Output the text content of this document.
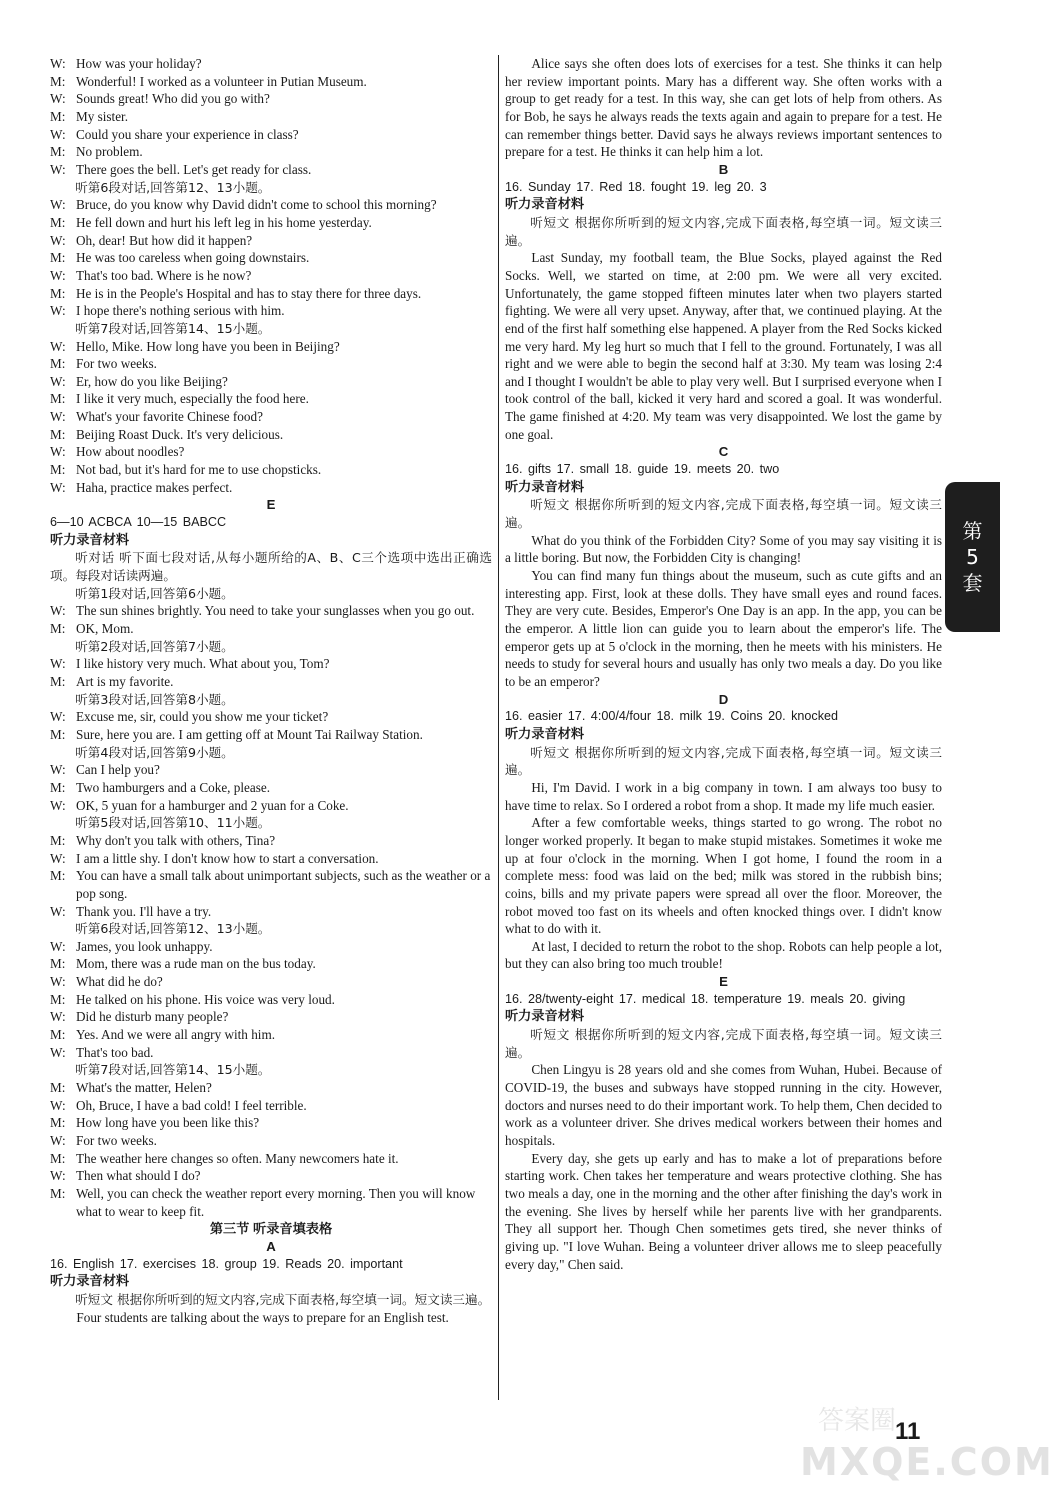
W: How was your holiday?
M: Wonderful! I worked as a volunteer in Putian Museum.
W: Sounds great! Who did you go with?
M: My sister.
W: Could you share your experience in class?
M: No problem.
W: There goes the bell. Let's get ready for class.
听第6段对话,回答第12、13小题。
W: Bruce, do you know why David didn't come to school this morning?
M: He fell down and hurt his left leg in his home yesterday.
W: Oh, dear! But how did it happen?
M: He was too careless when going downstairs.
W: That's too bad. Where is he now?
M: He is in the People's Hospital and has to stay there for three days.
W: I hope there's nothing serious with him.
听第7段对话,回答第14、15小题。
W: Hello, Mike. How long have you been in Beijing?
M: For two weeks.
W: Er, how do you like Beijing?
M: I like it very much, especially the food here.
W: What's your favorite Chinese food?
M: Beijing Roast Duck. It's very delicious.
W: How about noodles?
M: Not bad, but it's hard for me to use chopsticks.
W: Haha, practice makes perfect.
E
6—10 ACBCA 10—15 BABCC
听力录音材料
听对话 听下面七段对话,从每小题所给的A、B、C三个选项中选出正确选项。每段对话读两遍。
听第1段对话,回答第6小题。
W: The sun shines brightly. You need to take your sunglasses when you go out.
M: OK, Mom.
听第2段对话,回答第7小题。
W: I like history very much. What about you, Tom?
M: Art is my favorite.
听第3段对话,回答第8小题。
W: Excuse me, sir, could you show me your ticket?
M: Sure, here you are. I am getting off at Mount Tai Railway Station.
听第4段对话,回答第9小题。
W: Can I help you?
M: Two hamburgers and a Coke, please.
W: OK, 5 yuan for a hamburger and 2 yuan for a Coke.
听第5段对话,回答第10、11小题。
M: Why don't you talk with others, Tina?
W: I am a little shy. I don't know how to start a conversation.
M: You can have a small talk about unimportant subjects, such as the weather or a pop song.
W: Thank you. I'll have a try.
听第6段对话,回答第12、13小题。
W: James, you look unhappy.
M: Mom, there was a rude man on the bus today.
W: What did he do?
M: He talked on his phone. His voice was very loud.
W: Did he disturb many people?
M: Yes. And we were all angry with him.
W: That's too bad.
听第7段对话,回答第14、15小题。
M: What's the matter, Helen?
W: Oh, Bruce, I have a bad cold! I feel terrible.
M: How long have you been like this?
W: For two weeks.
M: The weather here changes so often. Many newcomers hate it.
W: Then what should I do?
M: Well, you can check the weather report every morning. Then you will know what to wear to keep fit.
第三节 听录音填表格
A
16. English 17. exercises 18. group 19. Reads 20. important
听力录音材料
听短文 根据你所听到的短文内容,完成下面表格,每空填一词。短文读三遍。
Four students are talking about the ways to prepare for an English test.
Alice says she often does lots of exercises for a test. She thinks it can help her review important points. Mary has a different way. She often works with a group to get ready for a test. In this way, she can get lots of help from others. As for Bob, he says he always reads the texts again and again to prepare for a test. He can remember things better. David says he always reviews important sentences to prepare for a test. He thinks it can help him a lot.
B
16. Sunday 17. Red 18. fought 19. leg 20. 3
听力录音材料
听短文 根据你所听到的短文内容,完成下面表格,每空填一词。短文读三遍。
Last Sunday, my football team, the Blue Socks, played against the Red Socks. Well, we started on time, at 2:00 pm. We were all very excited. Unfortunately, the game stopped fifteen minutes later when two players started fighting. We were all very upset. Anyway, after that, we continued playing. At the end of the first half something else happened. A player from the Red Socks kicked me very hard. My leg hurt so much that I fell to the ground. Fortunately, I was all right and we were able to begin the second half at 3:30. My team was losing 2:4 and I thought I wouldn't be able to play very well. But I surprised everyone when I took control of the ball, kicked it very hard and scored a goal. It was wonderful. The game finished at 4:20. My team was very disappointed. We lost the game by one goal.
C
16. gifts 17. small 18. guide 19. meets 20. two
听力录音材料
听短文 根据你所听到的短文内容,完成下面表格,每空填一词。短文读三遍。
What do you think of the Forbidden City? Some of you may say visiting it is a little boring. But now, the Forbidden City is changing!
You can find many fun things about the museum, such as cute gifts and an interesting app. First, look at these dolls. They have small eyes and round faces. They are very cute. Besides, Emperor's One Day is an app. In the app, you can be the emperor. A little lion can guide you to learn about the emperor's life. The emperor gets up at 5 o'clock in the morning, then he meets with his ministers. He needs to study for several hours and usually has only two meals a day. Do you like to be an emperor?
D
16. easier 17. 4:00/4/four 18. milk 19. Coins 20. knocked
听力录音材料
听短文 根据你所听到的短文内容,完成下面表格,每空填一词。短文读三遍。
Hi, I'm David. I work in a big company in town. I am always too busy to have time to relax. So I ordered a robot from a shop. It made my life much easier.
After a few comfortable weeks, things started to go wrong. The robot no longer worked properly. It began to make stupid mistakes. Sometimes it woke me up at four o'clock in the morning. When I got home, I found the room in a complete mess: food was laid on the bed; milk was stored in the rubbish bins; coins, bills and my private papers were spread all over the floor. Moreover, the robot moved too fast on its wheels and often knocked things over. I didn't know what to do with it.
At last, I decided to return the robot to the shop. Robots can help people a lot, but they can also bring too much trouble!
E
16. 28/twenty-eight 17. medical 18. temperature 19. meals 20. giving
听力录音材料
听短文 根据你所听到的短文内容,完成下面表格,每空填一词。短文读三遍。
Chen Lingyu is 28 years old and she comes from Wuhan, Hubei. Because of COVID-19, the buses and subways have stopped running in the city. However, doctors and nurses need to do their important work. To help them, Chen decided to work as a volunteer driver. She drives medical workers between their homes and hospitals.
Every day, she gets up early and has to make a lot of preparations before starting work. Chen takes her temperature and wears protective clothing. She has two meals a day, one in the morning and the other after finishing the day's work in the evening. She lives by herself while her parents live with her grandparents. They all support her. Though Chen sometimes gets tired, she never thinks of giving up. "I love Wuhan. Being a volunteer driver allows me to sleep peacefully every day," Chen said.
第
5
套
11
答案圈
MXQE.COM
